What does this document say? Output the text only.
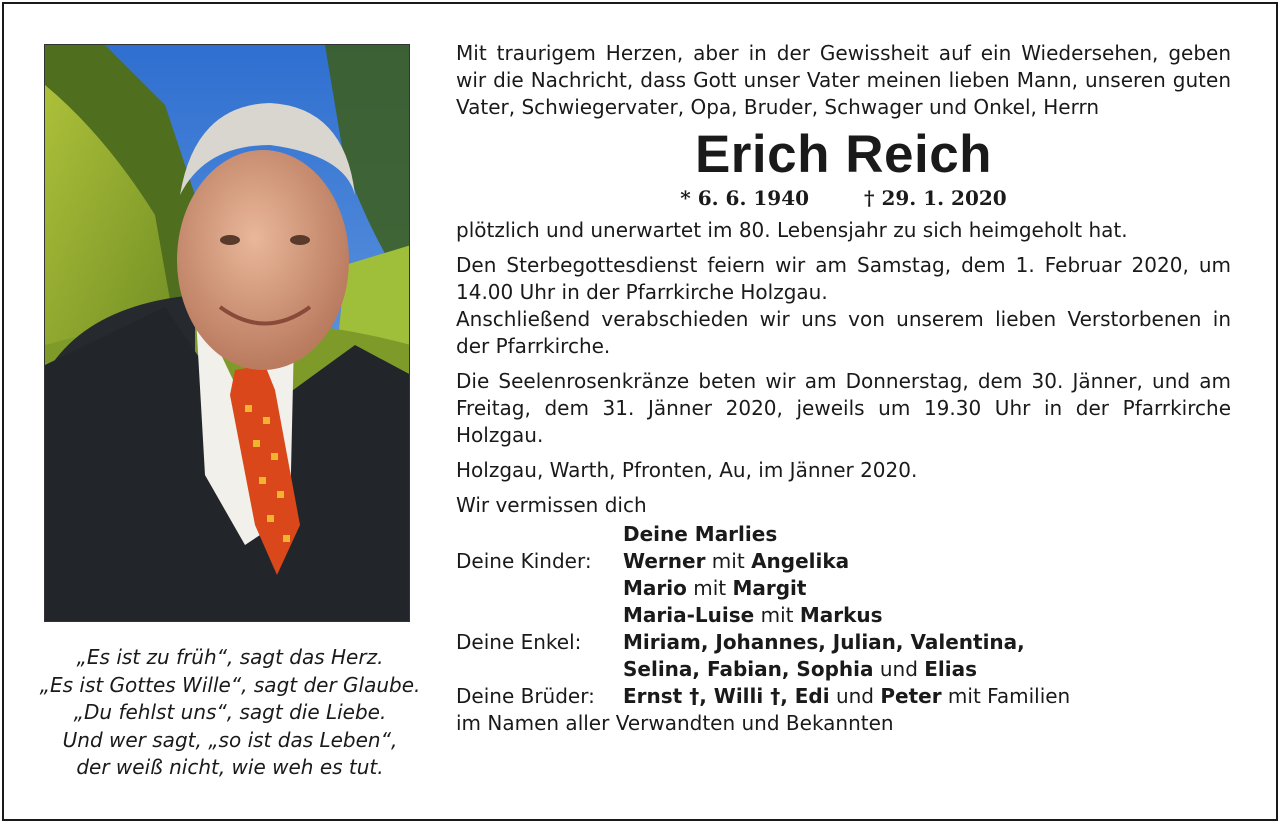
„Es ist zu früh“, sagt das Herz.
„Es ist Gottes Wille“, sagt der Glaube.
„Du fehlst uns“, sagt die Liebe.
Und wer sagt, „so ist das Leben“,
der weiß nicht, wie weh es tut.
Mit traurigem Herzen, aber in der Gewissheit auf ein Wiedersehen, geben wir die Nachricht, dass Gott unser Vater meinen lieben Mann, unseren guten Vater, Schwiegervater, Opa, Bruder, Schwager und Onkel, Herrn
Erich Reich
* 6. 6. 1940	† 29. 1. 2020
plötzlich und unerwartet im 80. Lebensjahr zu sich heimgeholt hat.
Den Sterbegottesdienst feiern wir am Samstag, dem 1. Februar 2020, um 14.00 Uhr in der Pfarrkirche Holzgau.
Anschließend verabschieden wir uns von unserem lieben Verstorbenen in der Pfarrkirche.
Die Seelenrosenkränze beten wir am Donnerstag, dem 30. Jänner, und am Freitag, dem 31. Jänner 2020, jeweils um 19.30 Uhr in der Pfarrkirche Holzgau.
Holzgau, Warth, Pfronten, Au, im Jänner 2020.
Wir vermissen dich
Deine Marlies
Deine Kinder:	Werner mit Angelika
Mario mit Margit
Maria-Luise mit Markus
Deine Enkel:	Miriam, Johannes, Julian, Valentina,
Selina, Fabian, Sophia und Elias
Deine Brüder:	Ernst †, Willi †, Edi und Peter mit Familien
im Namen aller Verwandten und Bekannten
